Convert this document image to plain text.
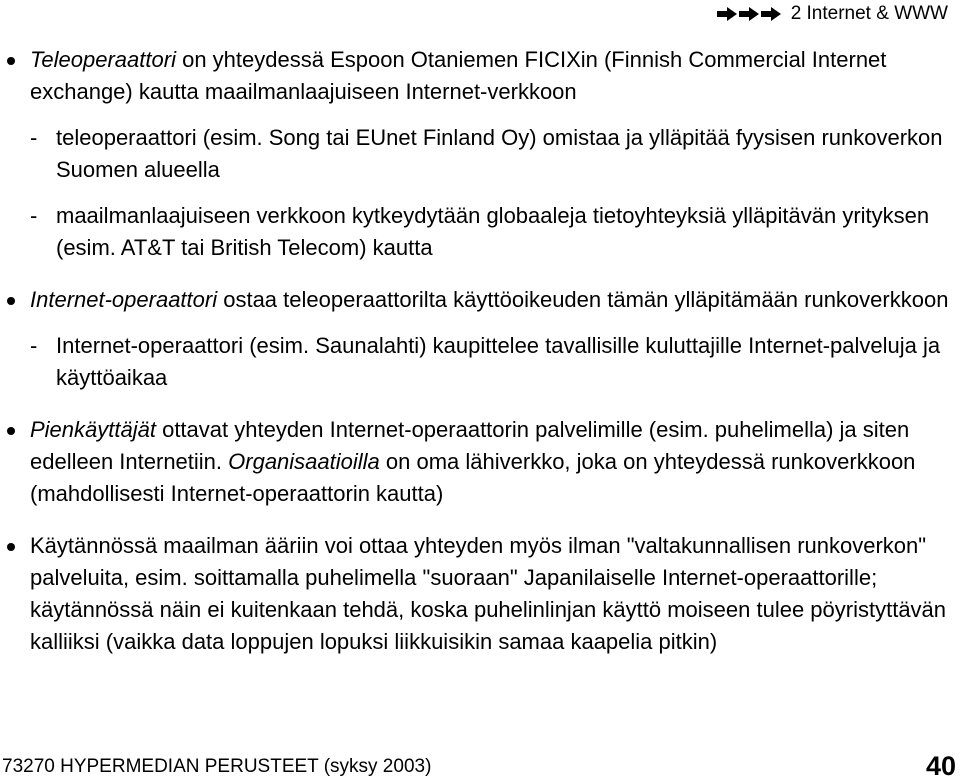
2 Internet & WWW

Teleoperaattori on yhteydessä Espoon Otaniemen FICIXin (Finnish Commercial Internet exchange) kautta maailmanlaajuiseen Internet-verkkoon

- teleoperaattori (esim. Song tai EUnet Finland Oy) omistaa ja ylläpitää fyysisen runkoverkon Suomen alueella

- maailmanlaajuiseen verkkoon kytkeydytään globaaleja tietoyhteyksiä ylläpitävän yrityksen (esim. AT&T tai British Telecom) kautta

Internet-operaattori ostaa teleoperaattorilta käyttöoikeuden tämän ylläpitämään runkoverkkoon

- Internet-operaattori (esim. Saunalahti) kaupittelee tavallisille kuluttajille Internet-palveluja ja käyttöaikaa

Pienkäyttäjät ottavat yhteyden Internet-operaattorin palvelimille (esim. puhelimella) ja siten edelleen Internetiin. Organisaatioilla on oma lähiverkko, joka on yhteydessä runkoverkkoon (mahdollisesti Internet-operaattorin kautta)

Käytännössä maailman ääriin voi ottaa yhteyden myös ilman "valtakunnallisen runkoverkon" palveluita, esim. soittamalla puhelimella "suoraan" Japanilaiselle Internet-operaattorille; käytännössä näin ei kuitenkaan tehdä, koska puhelinlinjan käyttö moiseen tulee pöyristyttävän kalliiksi (vaikka data loppujen lopuksi liikkuisikin samaa kaapelia pitkin)

73270 HYPERMEDIAN PERUSTEET (syksy 2003)	40
